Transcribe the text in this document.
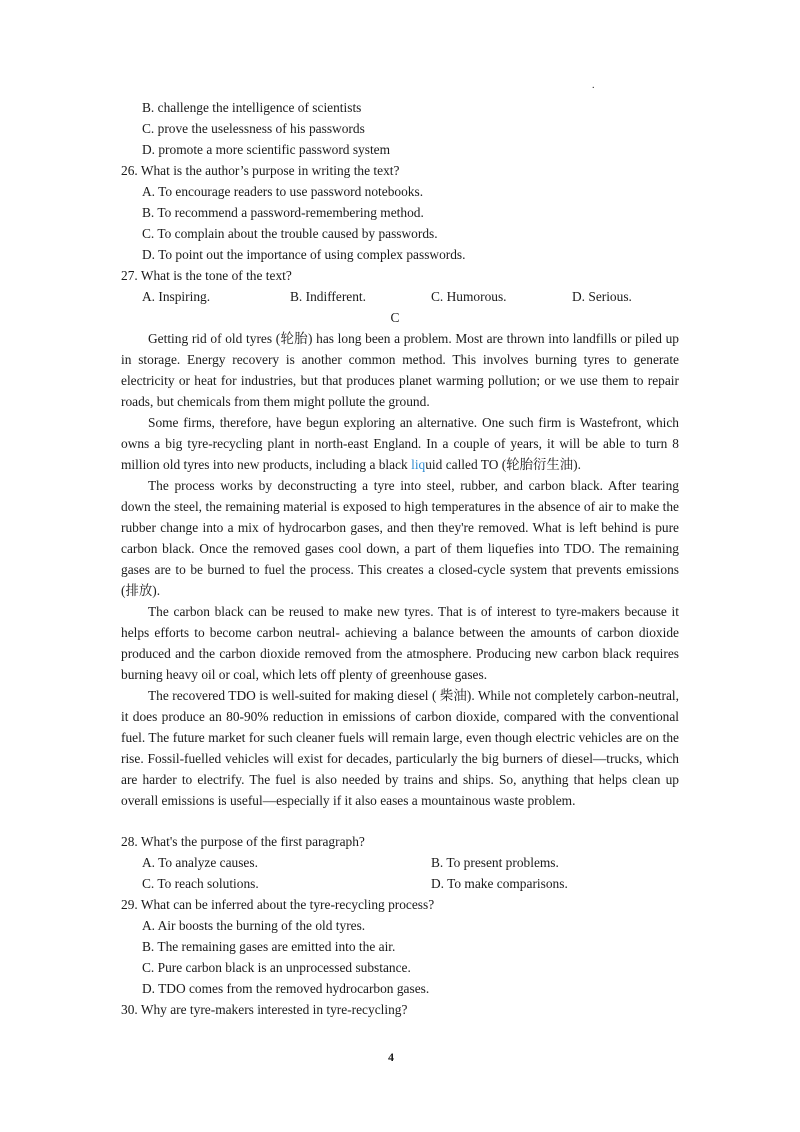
.
B. challenge the intelligence of scientists
C. prove the uselessness of his passwords
D. promote a more scientific password system
26. What is the author’s purpose in writing the text?
A. To encourage readers to use password notebooks.
B. To recommend a password-remembering method.
C. To complain about the trouble caused by passwords.
D. To point out the importance of using complex passwords.
27. What is the tone of the text?
A. Inspiring.	B. Indifferent.	C. Humorous.	D. Serious.
C

Getting rid of old tyres (轮胎) has long been a problem. Most are thrown into landfills or piled up in storage. Energy recovery is another common method. This involves burning tyres to generate electricity or heat for industries, but that produces planet warming pollution; or we use them to repair roads, but chemicals from them might pollute the ground.

Some firms, therefore, have begun exploring an alternative. One such firm is Wastefront, which owns a big tyre-recycling plant in north-east England. In a couple of years, it will be able to turn 8 million old tyres into new products, including a black liquid called TO (轮胎衍生油).

The process works by deconstructing a tyre into steel, rubber, and carbon black. After tearing down the steel, the remaining material is exposed to high temperatures in the absence of air to make the rubber change into a mix of hydrocarbon gases, and then they're removed. What is left behind is pure carbon black. Once the removed gases cool down, a part of them liquefies into TDO. The remaining gases are to be burned to fuel the process. This creates a closed-cycle system that prevents emissions (排放).

The carbon black can be reused to make new tyres. That is of interest to tyre-makers because it helps efforts to become carbon neutral- achieving a balance between the amounts of carbon dioxide produced and the carbon dioxide removed from the atmosphere. Producing new carbon black requires burning heavy oil or coal, which lets off plenty of greenhouse gases.

The recovered TDO is well-suited for making diesel ( 柴油). While not completely carbon-neutral, it does produce an 80-90% reduction in emissions of carbon dioxide, compared with the conventional fuel. The future market for such cleaner fuels will remain large, even though electric vehicles are on the rise. Fossil-fuelled vehicles will exist for decades, particularly the big burners of diesel—trucks, which are harder to electrify. The fuel is also needed by trains and ships. So, anything that helps clean up overall emissions is useful—especially if it also eases a mountainous waste problem.

28. What's the purpose of the first paragraph?
A. To analyze causes.	B. To present problems.
C. To reach solutions.	D. To make comparisons.
29. What can be inferred about the tyre-recycling process?
A. Air boosts the burning of the old tyres.
B. The remaining gases are emitted into the air.
C. Pure carbon black is an unprocessed substance.
D. TDO comes from the removed hydrocarbon gases.
30. Why are tyre-makers interested in tyre-recycling?
4
